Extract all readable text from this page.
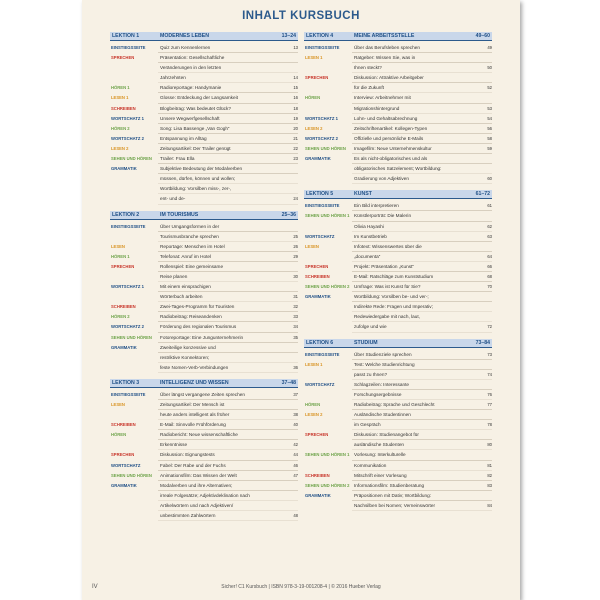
INHALT KURSBUCH
LEKTION 1	MODERNES LEBEN	13–24
EINSTIEGSSEITE	Quiz zum Kennenlernen	13
SPRECHEN	Präsentation: Gesellschaftliche
Veränderungen in den letzten
Jahrzehnten	14
HÖREN 1	Radioreportage: Handymanie	15
LESEN 1	Glosse: Entdeckung der Langsamkeit	16
SCHREIBEN	Blogbeitrag: Was bedeutet Glück?	18
WORTSCHATZ 1	Unsere Wegwerfgesellschaft	19
HÖREN 2	Song: Lisa Bassenge „Van Gogh“	20
WORTSCHATZ 2	Entspannung im Alltag	21
LESEN 2	Zeitungsartikel: Der Trailer genügt	22
SEHEN UND HÖREN	Trailer: Frau Ella	23
GRAMMATIK	Subjektive Bedeutung der Modalverben
müssen, dürfen, können und wollen;
Wortbildung: Vorsilben miss-, zer-,
ent- und de-	24
LEKTION 2	IM TOURISMUS	25–36
EINSTIEGSSEITE	Über Umgangsformen in der
Tourismusbranche sprechen	25
LESEN	Reportage: Menschen im Hotel	26
HÖREN 1	Telefonat: Anruf im Hotel	29
SPRECHEN	Rollenspiel: Eine gemeinsame
Reise planen	30
WORTSCHATZ 1	Mit einem einsprachigen
Wörterbuch arbeiten	31
SCHREIBEN	Zwei-Tages-Programm für Touristen	32
HÖREN 2	Radiobeitrag: Reiseandenken	33
WORTSCHATZ 2	Förderung des regionalen Tourismus	34
SEHEN UND HÖREN	Fotoreportage: Eine Jungunternehmerin	35
GRAMMATIK	Zweiteilige konzessive und
restriktive Konnektoren;
feste Nomen-Verb-Verbindungen	36
LEKTION 3	INTELLIGENZ UND WISSEN	37–48
EINSTIEGSSEITE	Über längst vergangene Zeiten sprechen	37
LESEN	Zeitungsartikel: Der Mensch ist
heute anders intelligent als früher	38
SCHREIBEN	E-Mail: Sinnvolle Frühförderung	40
HÖREN	Radiobericht: Neue wissenschaftliche
Erkenntnisse	42
SPRECHEN	Diskussion: Eignungstests	44
WORTSCHATZ	Fabel: Der Rabe und der Fuchs	46
SEHEN UND HÖREN	Animationsfilm: Das Wissen der Welt	47
GRAMMATIK	Modalverben und ihre Alternativen;
irreale Folgesätze; Adjektivdeklination nach
Artikelwörtern und nach Adjektiven/
unbestimmten Zahlwörtern	48
LEKTION 4	MEINE ARBEITSSTELLE	49–60
EINSTIEGSSEITE	Über das Berufsleben sprechen	49
LESEN 1	Ratgeber: Wissen Sie, was in
Ihnen steckt?	50
SPRECHEN	Diskussion: Attraktive Arbeitgeber
für die Zukunft	52
HÖREN	Interview: Arbeitnehmer mit
Migrationshintergrund	53
WORTSCHATZ 1	Lohn- und Gehaltsabrechnung	54
LESEN 2	Zeitschriftenartikel: Kollegen-Typen	56
WORTSCHATZ 2	Offizielle und persönliche E-Mails	58
SEHEN UND HÖREN	Imagefilm: Neue Unternehmenskultur	59
GRAMMATIK	Es als nicht-obligatorisches und als
obligatorisches Satzelement; Wortbildung:
Gradierung von Adjektiven	60
LEKTION 5	KUNST	61–72
EINSTIEGSSEITE	Ein Bild interpretieren	61
SEHEN UND HÖREN 1 Künstlerporträt: Die Malerin
Olivia Hayashi	62
WORTSCHATZ	Im Kunstbetrieb	63
LESEN	Infotext: Wissenswertes über die
„documenta“	64
SPRECHEN	Projekt: Präsentation „Kunst“	66
SCHREIBEN	E-Mail: Ratschläge zum Kunststudium	68
SEHEN UND HÖREN 2 Umfrage: Was ist Kunst für Sie?	70
GRAMMATIK	Wortbildung: Vorsilben be- und ver-;
Indirekte Rede: Fragen und Imperativ;
Redewiedergabe mit nach, laut,
zufolge und wie	72
LEKTION 6	STUDIUM	73–84
EINSTIEGSSEITE	Über Studienziele sprechen	73
LESEN 1	Test: Welche Studienrichtung
passt zu Ihnen?	74
WORTSCHATZ	Schlagzeilen: Interessante
Forschungsergebnisse	76
HÖREN	Radiobeitrag: Sprache und Geschlecht	77
LESEN 2	Ausländische Studentinnen
im Gespräch	78
SPRECHEN	Diskussion: Studienangebot für
ausländische Studenten	80
SEHEN UND HÖREN 1 Vorlesung: Interkulturelle
Kommunikation	81
SCHREIBEN	Mitschrift einer Vorlesung	82
SEHEN UND HÖREN 2 Informationsfilm: Studienberatung	83
GRAMMATIK	Präpositionen mit Dativ; Wortbildung:
Nachsilben bei Nomen; Verneinswörter	84
IV	Sicher! C1 Kursbuch | ISBN 978-3-19-001208-4 | © 2016 Hueber Verlag
